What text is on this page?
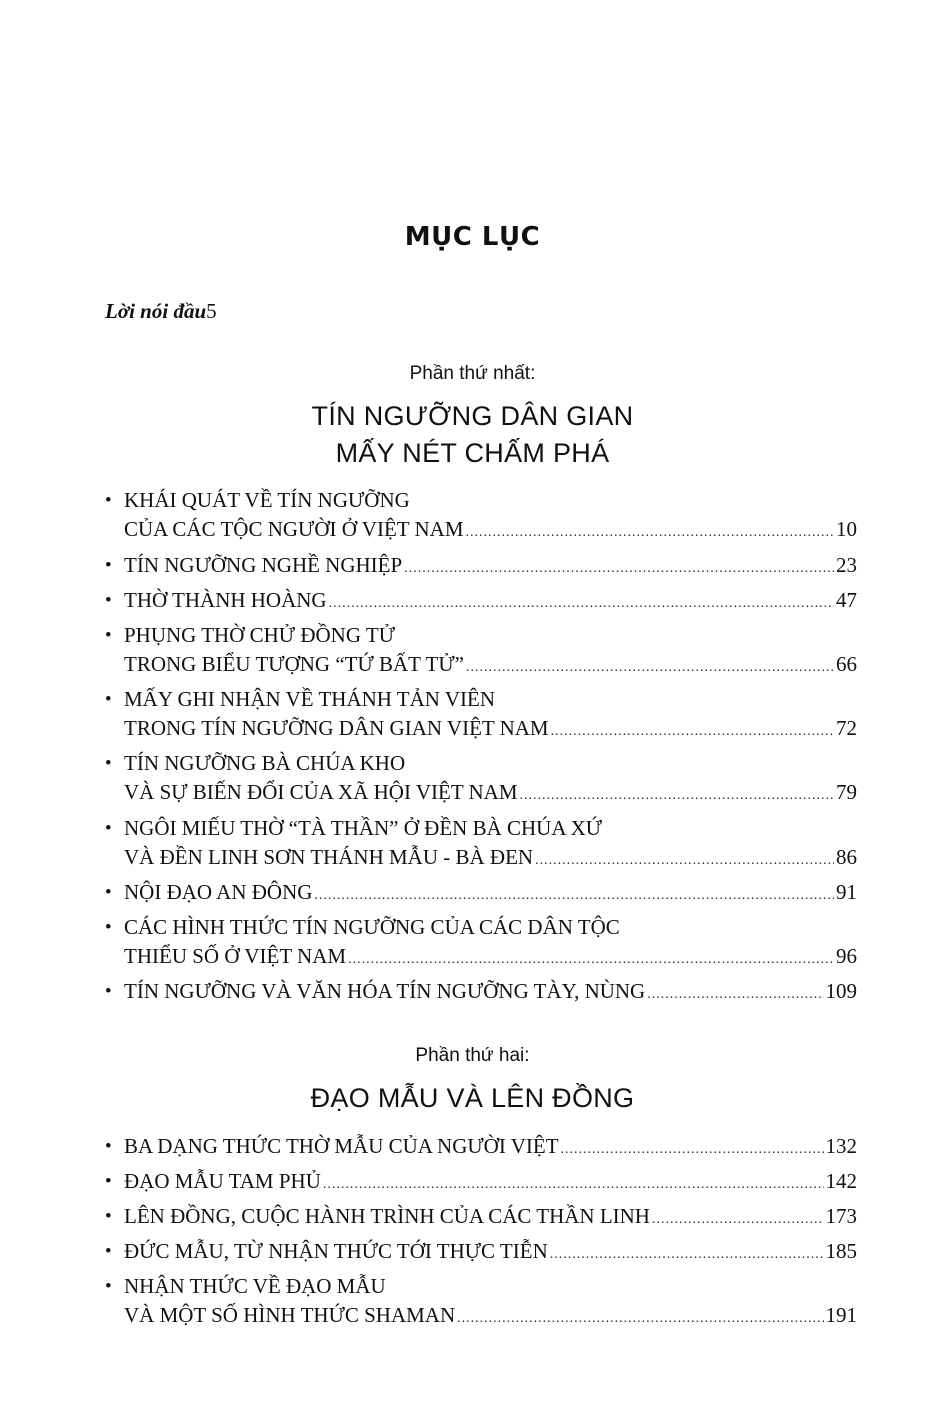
MỤC LỤC
Lời nói đầu 5
Phần thứ nhất:
TÍN NGƯỠNG DÂN GIAN
MẤY NÉT CHẤM PHÁ
• KHÁI QUÁT VỀ TÍN NGƯỠNG
CỦA CÁC TỘC NGƯỜI Ở VIỆT NAM .....	10
• TÍN NGƯỠNG NGHỀ NGHIỆP .....	23
• THỜ THÀNH HOÀNG .....	47
• PHỤNG THỜ CHỬ ĐỒNG TỬ
TRONG BIỂU TƯỢNG “TỨ BẤT TỬ” .....	66
• MẤY GHI NHẬN VỀ THÁNH TẢN VIÊN
TRONG TÍN NGƯỠNG DÂN GIAN VIỆT NAM .....	72
• TÍN NGƯỠNG BÀ CHÚA KHO
VÀ SỰ BIẾN ĐỔI CỦA XÃ HỘI VIỆT NAM .....	79
• NGÔI MIẾU THỜ “TÀ THẦN” Ở ĐỀN BÀ CHÚA XỨ
VÀ ĐỀN LINH SƠN THÁNH MẪU - BÀ ĐEN .....	86
• NỘI ĐẠO AN ĐÔNG .....	91
• CÁC HÌNH THỨC TÍN NGƯỠNG CỦA CÁC DÂN TỘC
THIỂU SỐ Ở VIỆT NAM .....	96
• TÍN NGƯỠNG VÀ VĂN HÓA TÍN NGƯỠNG TÀY, NÙNG .....	109
Phần thứ hai:
ĐẠO MẪU VÀ LÊN ĐỒNG
• BA DẠNG THỨC THỜ MẪU CỦA NGƯỜI VIỆT .....	132
• ĐẠO MẪU TAM PHỦ .....	142
• LÊN ĐỒNG, CUỘC HÀNH TRÌNH CỦA CÁC THẦN LINH .....	173
• ĐỨC MẪU, TỪ NHẬN THỨC TỚI THỰC TIỄN .....	185
• NHẬN THỨC VỀ ĐẠO MẪU
VÀ MỘT SỐ HÌNH THỨC SHAMAN .....	191
